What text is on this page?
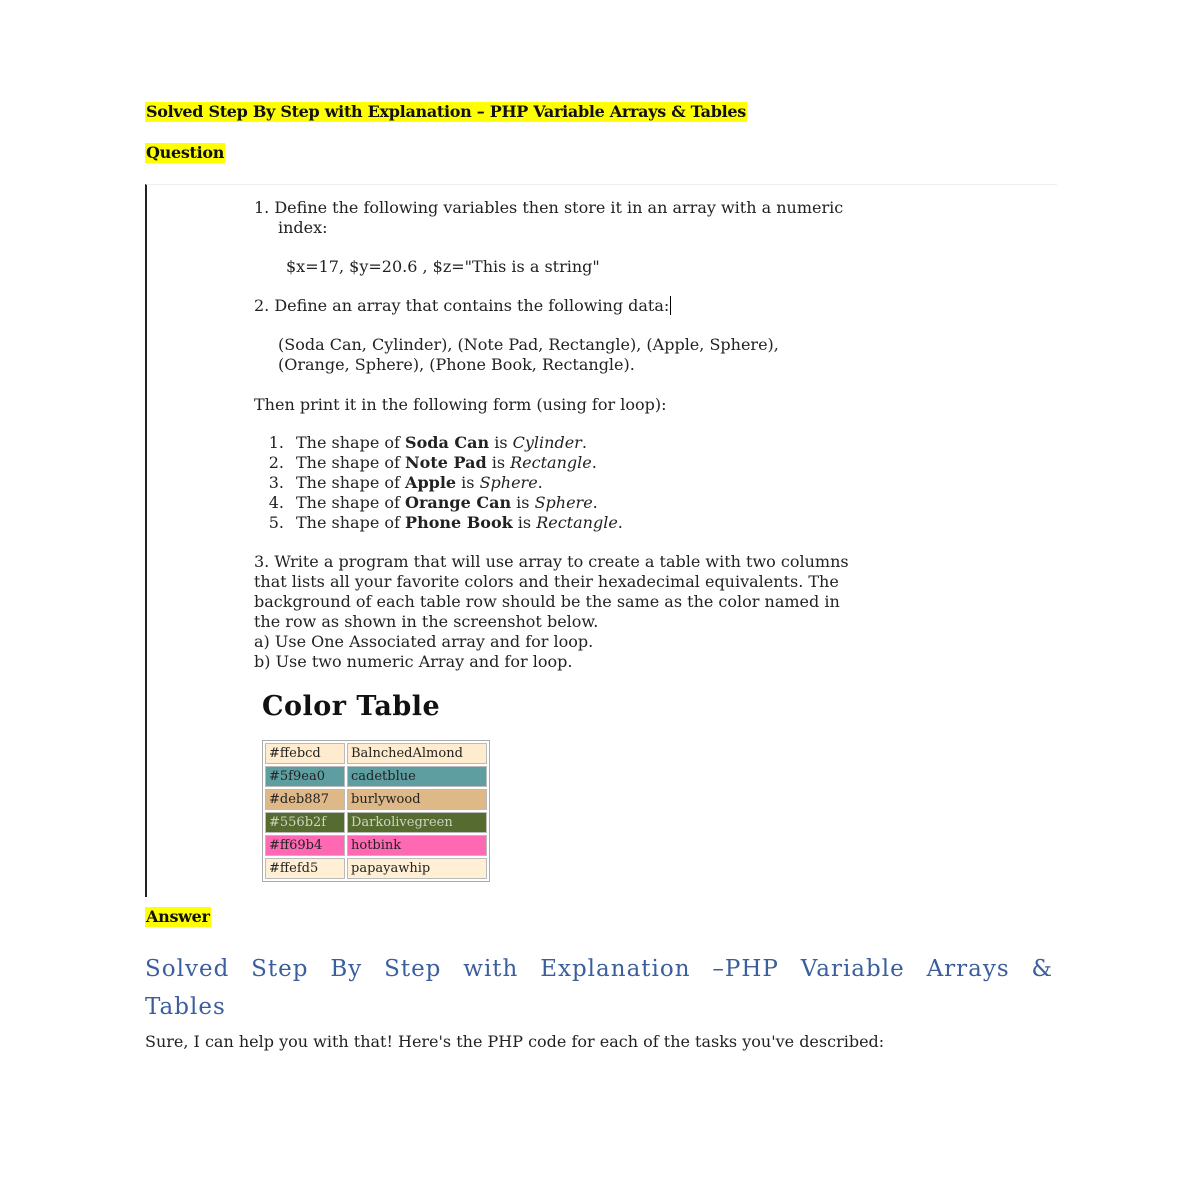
Solved Step By Step with Explanation – PHP Variable Arrays & Tables
Question
1. Define the following variables then store it in an array with a numeric
index:
$x=17, $y=20.6 , $z="This is a string"
2. Define an array that contains the following data:
(Soda Can, Cylinder), (Note Pad, Rectangle), (Apple, Sphere),
(Orange, Sphere), (Phone Book, Rectangle).
Then print it in the following form (using for loop):
1. The shape of Soda Can is Cylinder.
2. The shape of Note Pad is Rectangle.
3. The shape of Apple is Sphere.
4. The shape of Orange Can is Sphere.
5. The shape of Phone Book is Rectangle.
3. Write a program that will use array to create a table with two columns
that lists all your favorite colors and their hexadecimal equivalents. The
background of each table row should be the same as the color named in
the row as shown in the screenshot below.
a) Use One Associated array and for loop.
b) Use two numeric Array and for loop.
Color Table
#ffebcd	BalnchedAlmond
#5f9ea0	cadetblue
#deb887	burlywood
#556b2f	Darkolivegreen
#ff69b4	hotbink
#ffefd5	papayawhip
Answer
Solved Step By Step with Explanation –PHP Variable Arrays & Tables
Sure, I can help you with that! Here's the PHP code for each of the tasks you've described:
